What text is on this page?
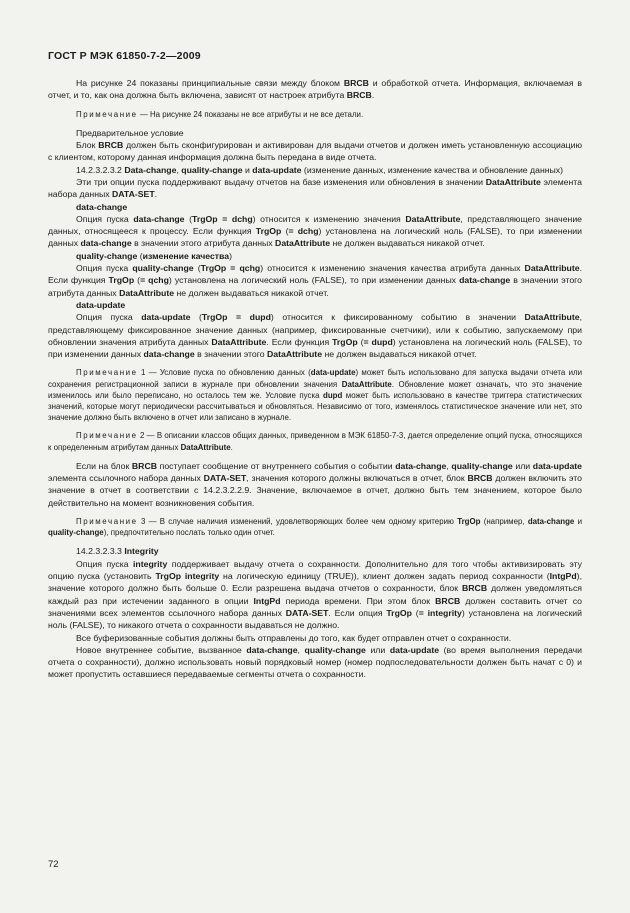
ГОСТ Р МЭК 61850-7-2—2009

На рисунке 24 показаны принципиальные связи между блоком BRCB и обработкой отчета. Информация, включаемая в отчет, и то, как она должна быть включена, зависят от настроек атрибута BRCB.

Примечание — На рисунке 24 показаны не все атрибуты и не все детали.

Предварительное условие

Блок BRCB должен быть сконфигурирован и активирован для выдачи отчетов и должен иметь установленную ассоциацию с клиентом, которому данная информация должна быть передана в виде отчета.

14.2.3.2.3.2 Data-change, quality-change и data-update (изменение данных, изменение качества и обновление данных)

Эти три опции пуска поддерживают выдачу отчетов на базе изменения или обновления в значении DataAttribute элемента набора данных DATA-SET.

data-change

Опция пуска data-change (TrgOp = dchg) относится к изменению значения DataAttribute, представляющего значение данных, относящееся к процессу. Если функция TrgOp (= dchg) установлена на логический ноль (FALSE), то при изменении данных data-change в значении этого атрибута данных DataAttribute не должен выдаваться никакой отчет.

quality-change (изменение качества)

Опция пуска quality-change (TrgOp = qchg) относится к изменению значения качества атрибута данных DataAttribute. Если функция TrgOp (= qchg) установлена на логический ноль (FALSE), то при изменении данных data-change в значении этого атрибута данных DataAttribute не должен выдаваться никакой отчет.

data-update

Опция пуска data-update (TrgOp = dupd) относится к фиксированному событию в значении DataAttribute, представляющему фиксированное значение данных (например, фиксированные счетчики), или к событию, запускаемому при обновлении значения атрибута данных DataAttribute. Если функция TrgOp (= dupd) установлена на логический ноль (FALSE), то при изменении данных data-change в значении этого DataAttribute не должен выдаваться никакой отчет.

Примечание 1 — Условие пуска по обновлению данных (data-update) может быть использовано для запуска выдачи отчета или сохранения регистрационной записи в журнале при обновлении значения DataAttribute. Обновление может означать, что это значение изменилось или было переписано, но осталось тем же. Условие пуска dupd может быть использовано в качестве триггера статистических значений, которые могут периодически рассчитываться и обновляться. Независимо от того, изменялось статистическое значение или нет, это значение должно быть включено в отчет или записано в журнале.

Примечание 2 — В описании классов общих данных, приведенном в МЭК 61850-7-3, дается определение опций пуска, относящихся к определенным атрибутам данных DataAttribute.

Если на блок BRCB поступает сообщение от внутреннего события о событии data-change, quality-change или data-update элемента ссылочного набора данных DATA-SET, значения которого должны включаться в отчет, блок BRCB должен включить это значение в отчет в соответствии с 14.2.3.2.2.9. Значение, включаемое в отчет, должно быть тем значением, которое было действительно на момент возникновения события.

Примечание 3 — В случае наличия изменений, удовлетворяющих более чем одному критерию TrgOp (например, data-change и quality-change), предпочтительно послать только один отчет.

14.2.3.2.3.3 Integrity

Опция пуска integrity поддерживает выдачу отчета о сохранности. Дополнительно для того чтобы активизировать эту опцию пуска (установить TrgOp integrity на логическую единицу (TRUE)), клиент должен задать период сохранности (IntgPd), значение которого должно быть больше 0. Если разрешена выдача отчетов о сохранности, блок BRCB должен уведомляться каждый раз при истечении заданного в опции IntgPd периода времени. При этом блок BRCB должен составить отчет со значениями всех элементов ссылочного набора данных DATA-SET. Если опция TrgOp (= integrity) установлена на логический ноль (FALSE), то никакого отчета о сохранности выдаваться не должно.

Все буферизованные события должны быть отправлены до того, как будет отправлен отчет о сохранности.

Новое внутреннее событие, вызванное data-change, quality-change или data-update (во время выполнения передачи отчета о сохранности), должно использовать новый порядковый номер (номер подпоследовательности должен быть начат с 0) и может пропустить оставшиеся передаваемые сегменты отчета о сохранности.

72
